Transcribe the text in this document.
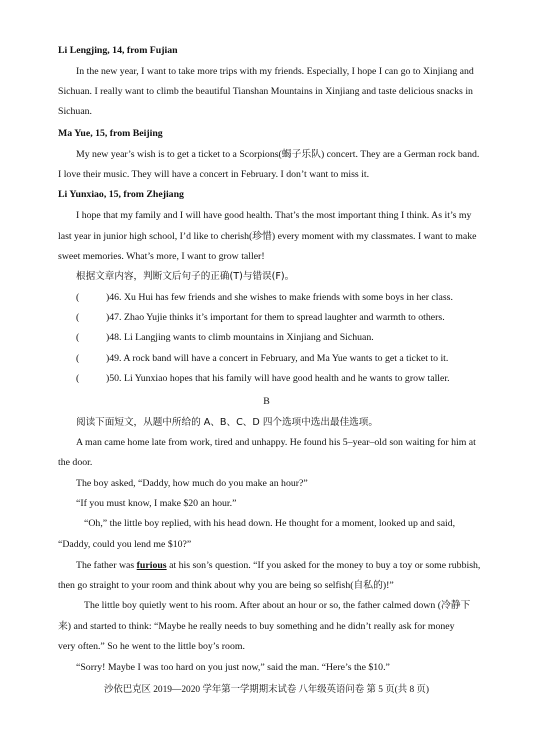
Li Lengjing, 14, from Fujian
In the new year, I want to take more trips with my friends. Especially, I hope I can go to Xinjiang and
Sichuan. I really want to climb the beautiful Tianshan Mountains in Xinjiang and taste delicious snacks in
Sichuan.
Ma Yue, 15, from Beijing
My new year’s wish is to get a ticket to a Scorpions(蝎子乐队) concert. They are a German rock band.
I love their music. They will have a concert in February. I don’t want to miss it.
Li Yunxiao, 15, from Zhejiang
I hope that my family and I will have good health. That’s the most important thing I think. As it’s my
last year in junior high school, I’d like to cherish(珍惜) every moment with my classmates. I want to make
sweet memories. What’s more, I want to grow taller!
根据文章内容，判断文后句子的正确(T)与错误(F)。
(	)46. Xu Hui has few friends and she wishes to make friends with some boys in her class.
(	)47. Zhao Yujie thinks it’s important for them to spread laughter and warmth to others.
(	)48. Li Langjing wants to climb mountains in Xinjiang and Sichuan.
(	)49. A rock band will have a concert in February, and Ma Yue wants to get a ticket to it.
(	)50. Li Yunxiao hopes that his family will have good health and he wants to grow taller.
B
阅读下面短文，从题中所给的 A、B、C、D 四个选项中选出最佳选项。
A man came home late from work, tired and unhappy. He found his 5–year–old son waiting for him at
the door.
The boy asked, “Daddy, how much do you make an hour?”
“If you must know, I make $20 an hour.”
“Oh,” the little boy replied, with his head down. He thought for a moment, looked up and said,
“Daddy, could you lend me $10?”
The father was furious at his son’s question. “If you asked for the money to buy a toy or some rubbish,
then go straight to your room and think about why you are being so selfish(自私的)!”
The little boy quietly went to his room. After about an hour or so, the father calmed down (冷静下
来) and started to think: “Maybe he really needs to buy something and he didn’t really ask for money
very often.” So he went to the little boy’s room.
“Sorry! Maybe I was too hard on you just now,” said the man. “Here’s the $10.”
沙依巴克区 2019—2020 学年第一学期期末试卷 八年级英语问卷 第 5 页(共 8 页)
